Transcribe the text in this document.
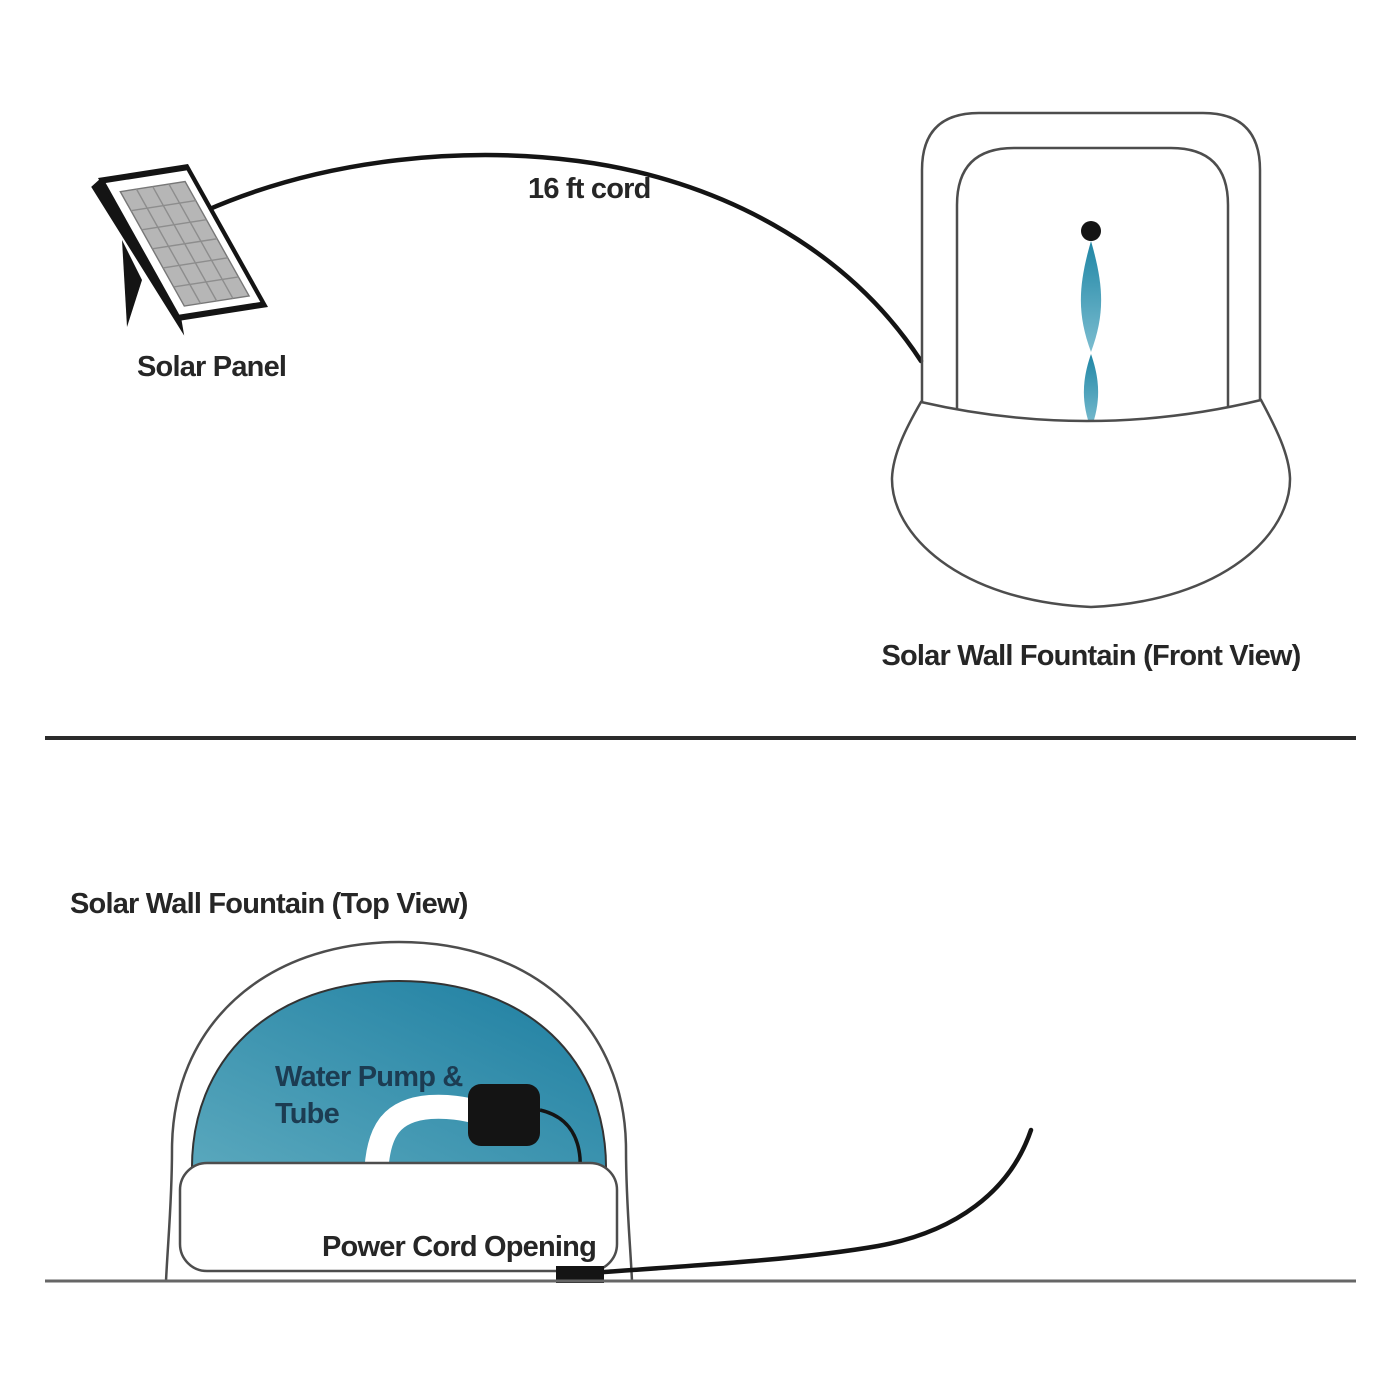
Solar Panel
16 ft cord
Solar Wall Fountain (Front View)
Solar Wall Fountain (Top View)
Water Pump &
Tube
Power Cord Opening
